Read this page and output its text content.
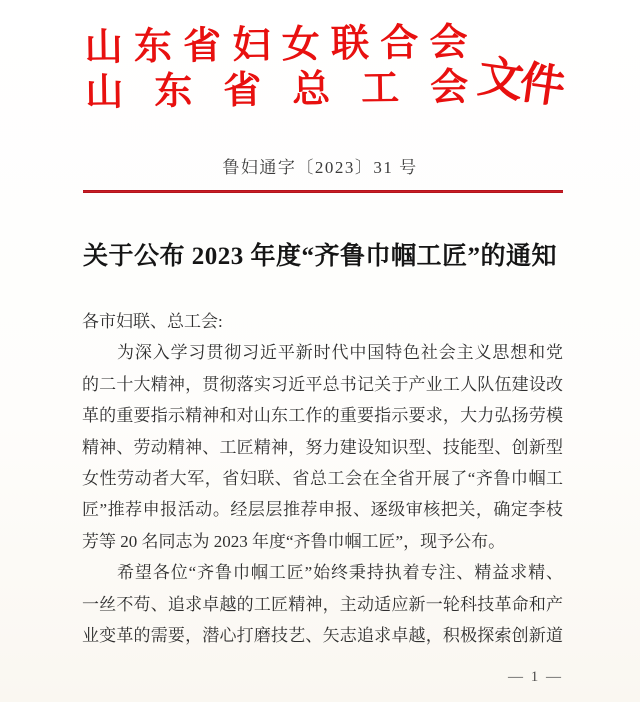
山 东 省 妇 女 联 合 会
山 东 省 总 工 会 文件
鲁妇通字〔2023〕31 号
关于公布 2023 年度“齐鲁巾帼工匠”的通知
各市妇联、总工会:
为深入学习贯彻习近平新时代中国特色社会主义思想和党
的二十大精神，贯彻落实习近平总书记关于产业工人队伍建设改
革的重要指示精神和对山东工作的重要指示要求，大力弘扬劳模
精神、劳动精神、工匠精神，努力建设知识型、技能型、创新型
女性劳动者大军，省妇联、省总工会在全省开展了“齐鲁巾帼工
匠”推荐申报活动。经层层推荐申报、逐级审核把关，确定李枝
芳等 20 名同志为 2023 年度“齐鲁巾帼工匠”，现予公布。
希望各位“齐鲁巾帼工匠”始终秉持执着专注、精益求精、
一丝不苟、追求卓越的工匠精神，主动适应新一轮科技革命和产
业变革的需要，潜心打磨技艺、矢志追求卓越，积极探索创新道
— 1 —
